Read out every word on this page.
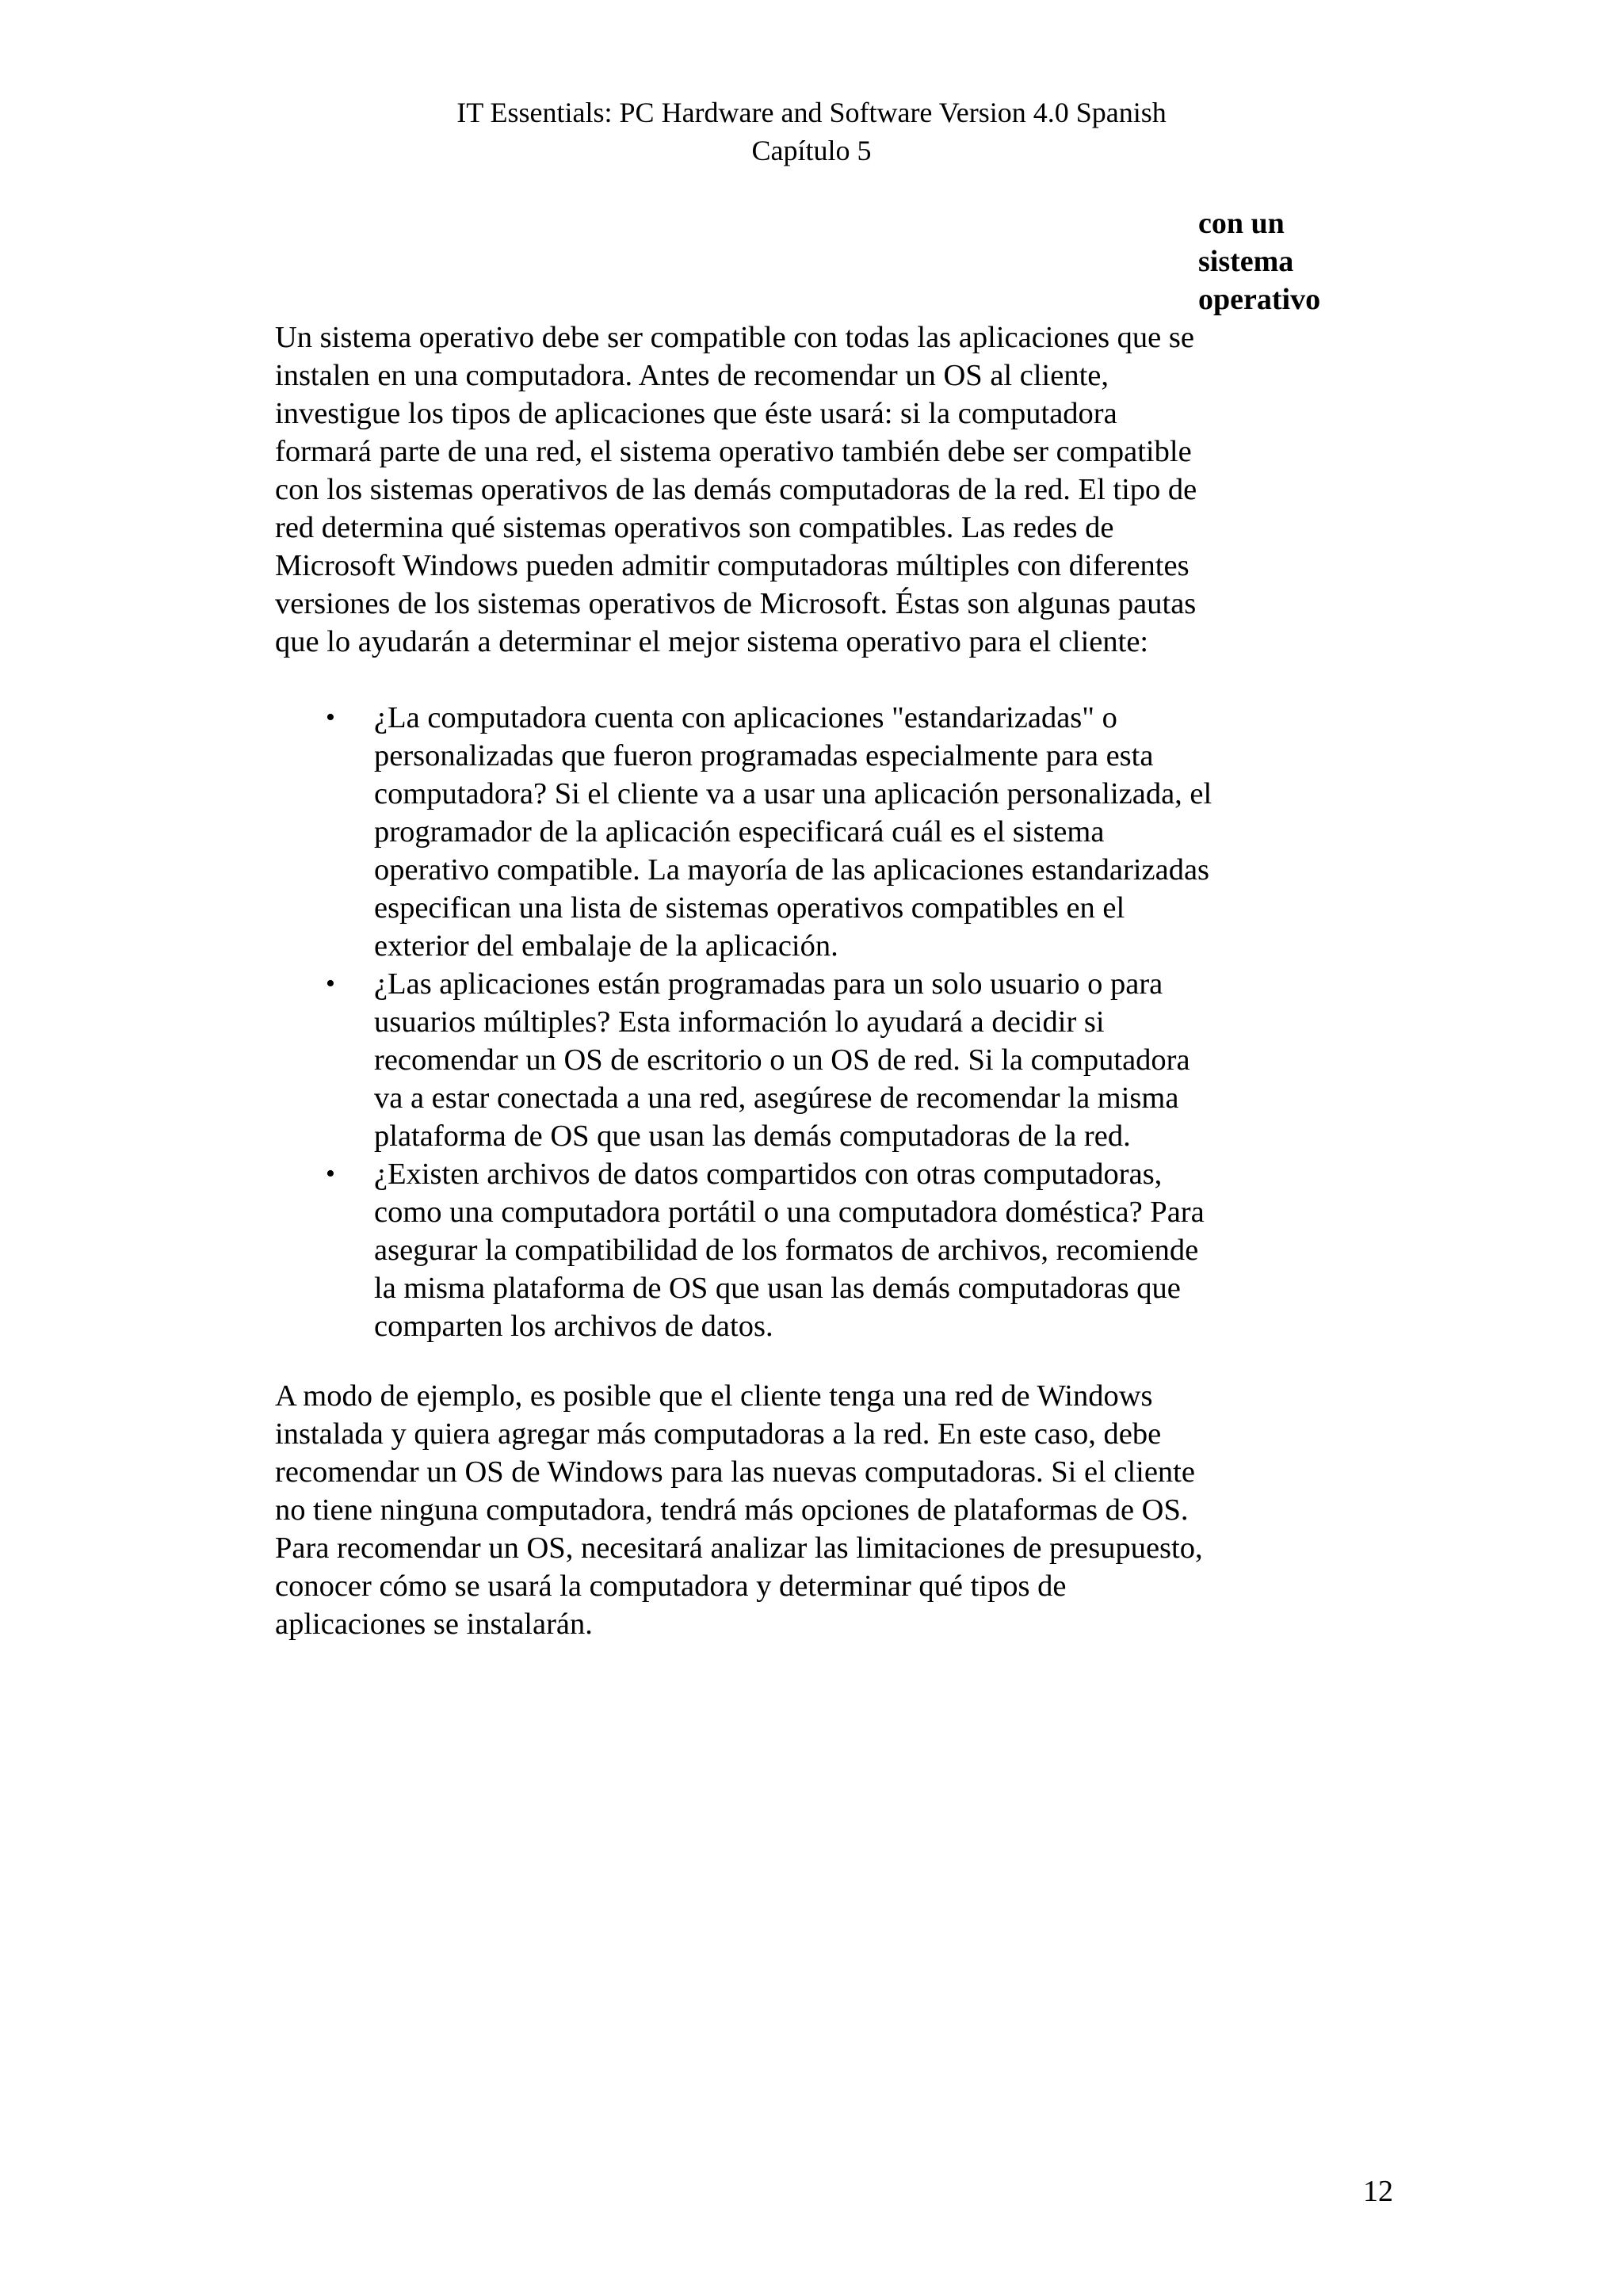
IT Essentials: PC Hardware and Software Version 4.0 Spanish
Capítulo 5
con un
sistema
operativo

Un sistema operativo debe ser compatible con todas las aplicaciones que se
instalen en una computadora. Antes de recomendar un OS al cliente,
investigue los tipos de aplicaciones que éste usará: si la computadora
formará parte de una red, el sistema operativo también debe ser compatible
con los sistemas operativos de las demás computadoras de la red. El tipo de
red determina qué sistemas operativos son compatibles. Las redes de
Microsoft Windows pueden admitir computadoras múltiples con diferentes
versiones de los sistemas operativos de Microsoft. Éstas son algunas pautas
que lo ayudarán a determinar el mejor sistema operativo para el cliente:

• ¿La computadora cuenta con aplicaciones "estandarizadas" o
personalizadas que fueron programadas especialmente para esta
computadora? Si el cliente va a usar una aplicación personalizada, el
programador de la aplicación especificará cuál es el sistema
operativo compatible. La mayoría de las aplicaciones estandarizadas
especifican una lista de sistemas operativos compatibles en el
exterior del embalaje de la aplicación.
• ¿Las aplicaciones están programadas para un solo usuario o para
usuarios múltiples? Esta información lo ayudará a decidir si
recomendar un OS de escritorio o un OS de red. Si la computadora
va a estar conectada a una red, asegúrese de recomendar la misma
plataforma de OS que usan las demás computadoras de la red.
• ¿Existen archivos de datos compartidos con otras computadoras,
como una computadora portátil o una computadora doméstica? Para
asegurar la compatibilidad de los formatos de archivos, recomiende
la misma plataforma de OS que usan las demás computadoras que
comparten los archivos de datos.

A modo de ejemplo, es posible que el cliente tenga una red de Windows
instalada y quiera agregar más computadoras a la red. En este caso, debe
recomendar un OS de Windows para las nuevas computadoras. Si el cliente
no tiene ninguna computadora, tendrá más opciones de plataformas de OS.
Para recomendar un OS, necesitará analizar las limitaciones de presupuesto,
conocer cómo se usará la computadora y determinar qué tipos de
aplicaciones se instalarán.

12
